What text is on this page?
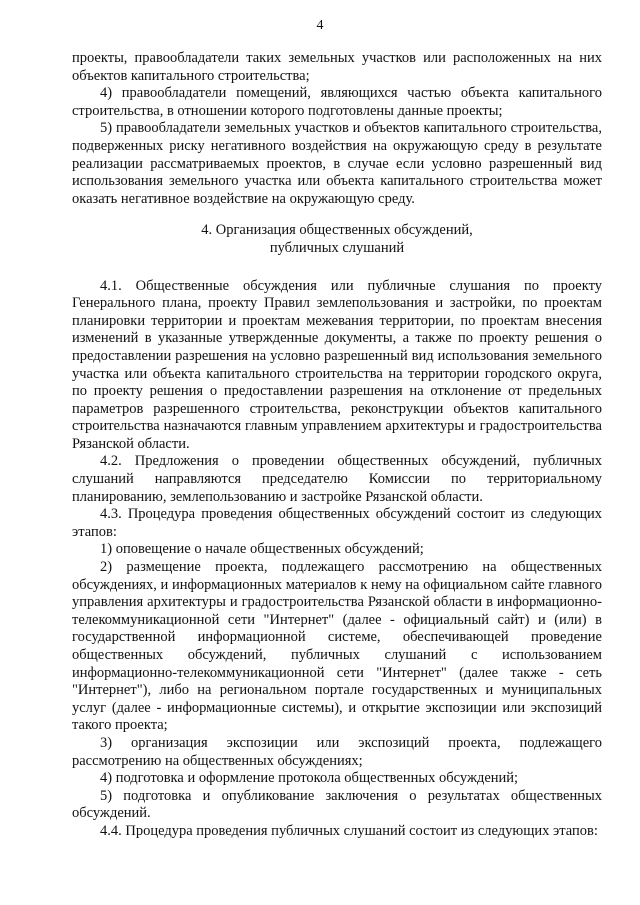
4

проекты, правообладатели таких земельных участков или расположенных на них объектов капитального строительства;

4) правообладатели помещений, являющихся частью объекта капитального строительства, в отношении которого подготовлены данные проекты;

5) правообладатели земельных участков и объектов капитального строительства, подверженных риску негативного воздействия на окружающую среду в результате реализации рассматриваемых проектов, в случае если условно разрешенный вид использования земельного участка или объекта капитального строительства может оказать негативное воздействие на окружающую среду.

4. Организация общественных обсуждений,
публичных слушаний

4.1. Общественные обсуждения или публичные слушания по проекту Генерального плана, проекту Правил землепользования и застройки, по проектам планировки территории и проектам межевания территории, по проектам внесения изменений в указанные утвержденные документы, а также по проекту решения о предоставлении разрешения на условно разрешенный вид использования земельного участка или объекта капитального строительства на территории городского округа, по проекту решения о предоставлении разрешения на отклонение от предельных параметров разрешенного строительства, реконструкции объектов капитального строительства назначаются главным управлением архитектуры и градостроительства Рязанской области.

4.2. Предложения о проведении общественных обсуждений, публичных слушаний направляются председателю Комиссии по территориальному планированию, землепользованию и застройке Рязанской области.

4.3. Процедура проведения общественных обсуждений состоит из следующих этапов:

1) оповещение о начале общественных обсуждений;

2) размещение проекта, подлежащего рассмотрению на общественных обсуждениях, и информационных материалов к нему на официальном сайте главного управления архитектуры и градостроительства Рязанской области в информационно-телекоммуникационной сети "Интернет" (далее - официальный сайт) и (или) в государственной информационной системе, обеспечивающей проведение общественных обсуждений, публичных слушаний с использованием информационно-телекоммуникационной сети "Интернет" (далее также - сеть "Интернет"), либо на региональном портале государственных и муниципальных услуг (далее - информационные системы), и открытие экспозиции или экспозиций такого проекта;

3) организация экспозиции или экспозиций проекта, подлежащего рассмотрению на общественных обсуждениях;

4) подготовка и оформление протокола общественных обсуждений;

5) подготовка и опубликование заключения о результатах общественных обсуждений.

4.4. Процедура проведения публичных слушаний состоит из следующих этапов:
